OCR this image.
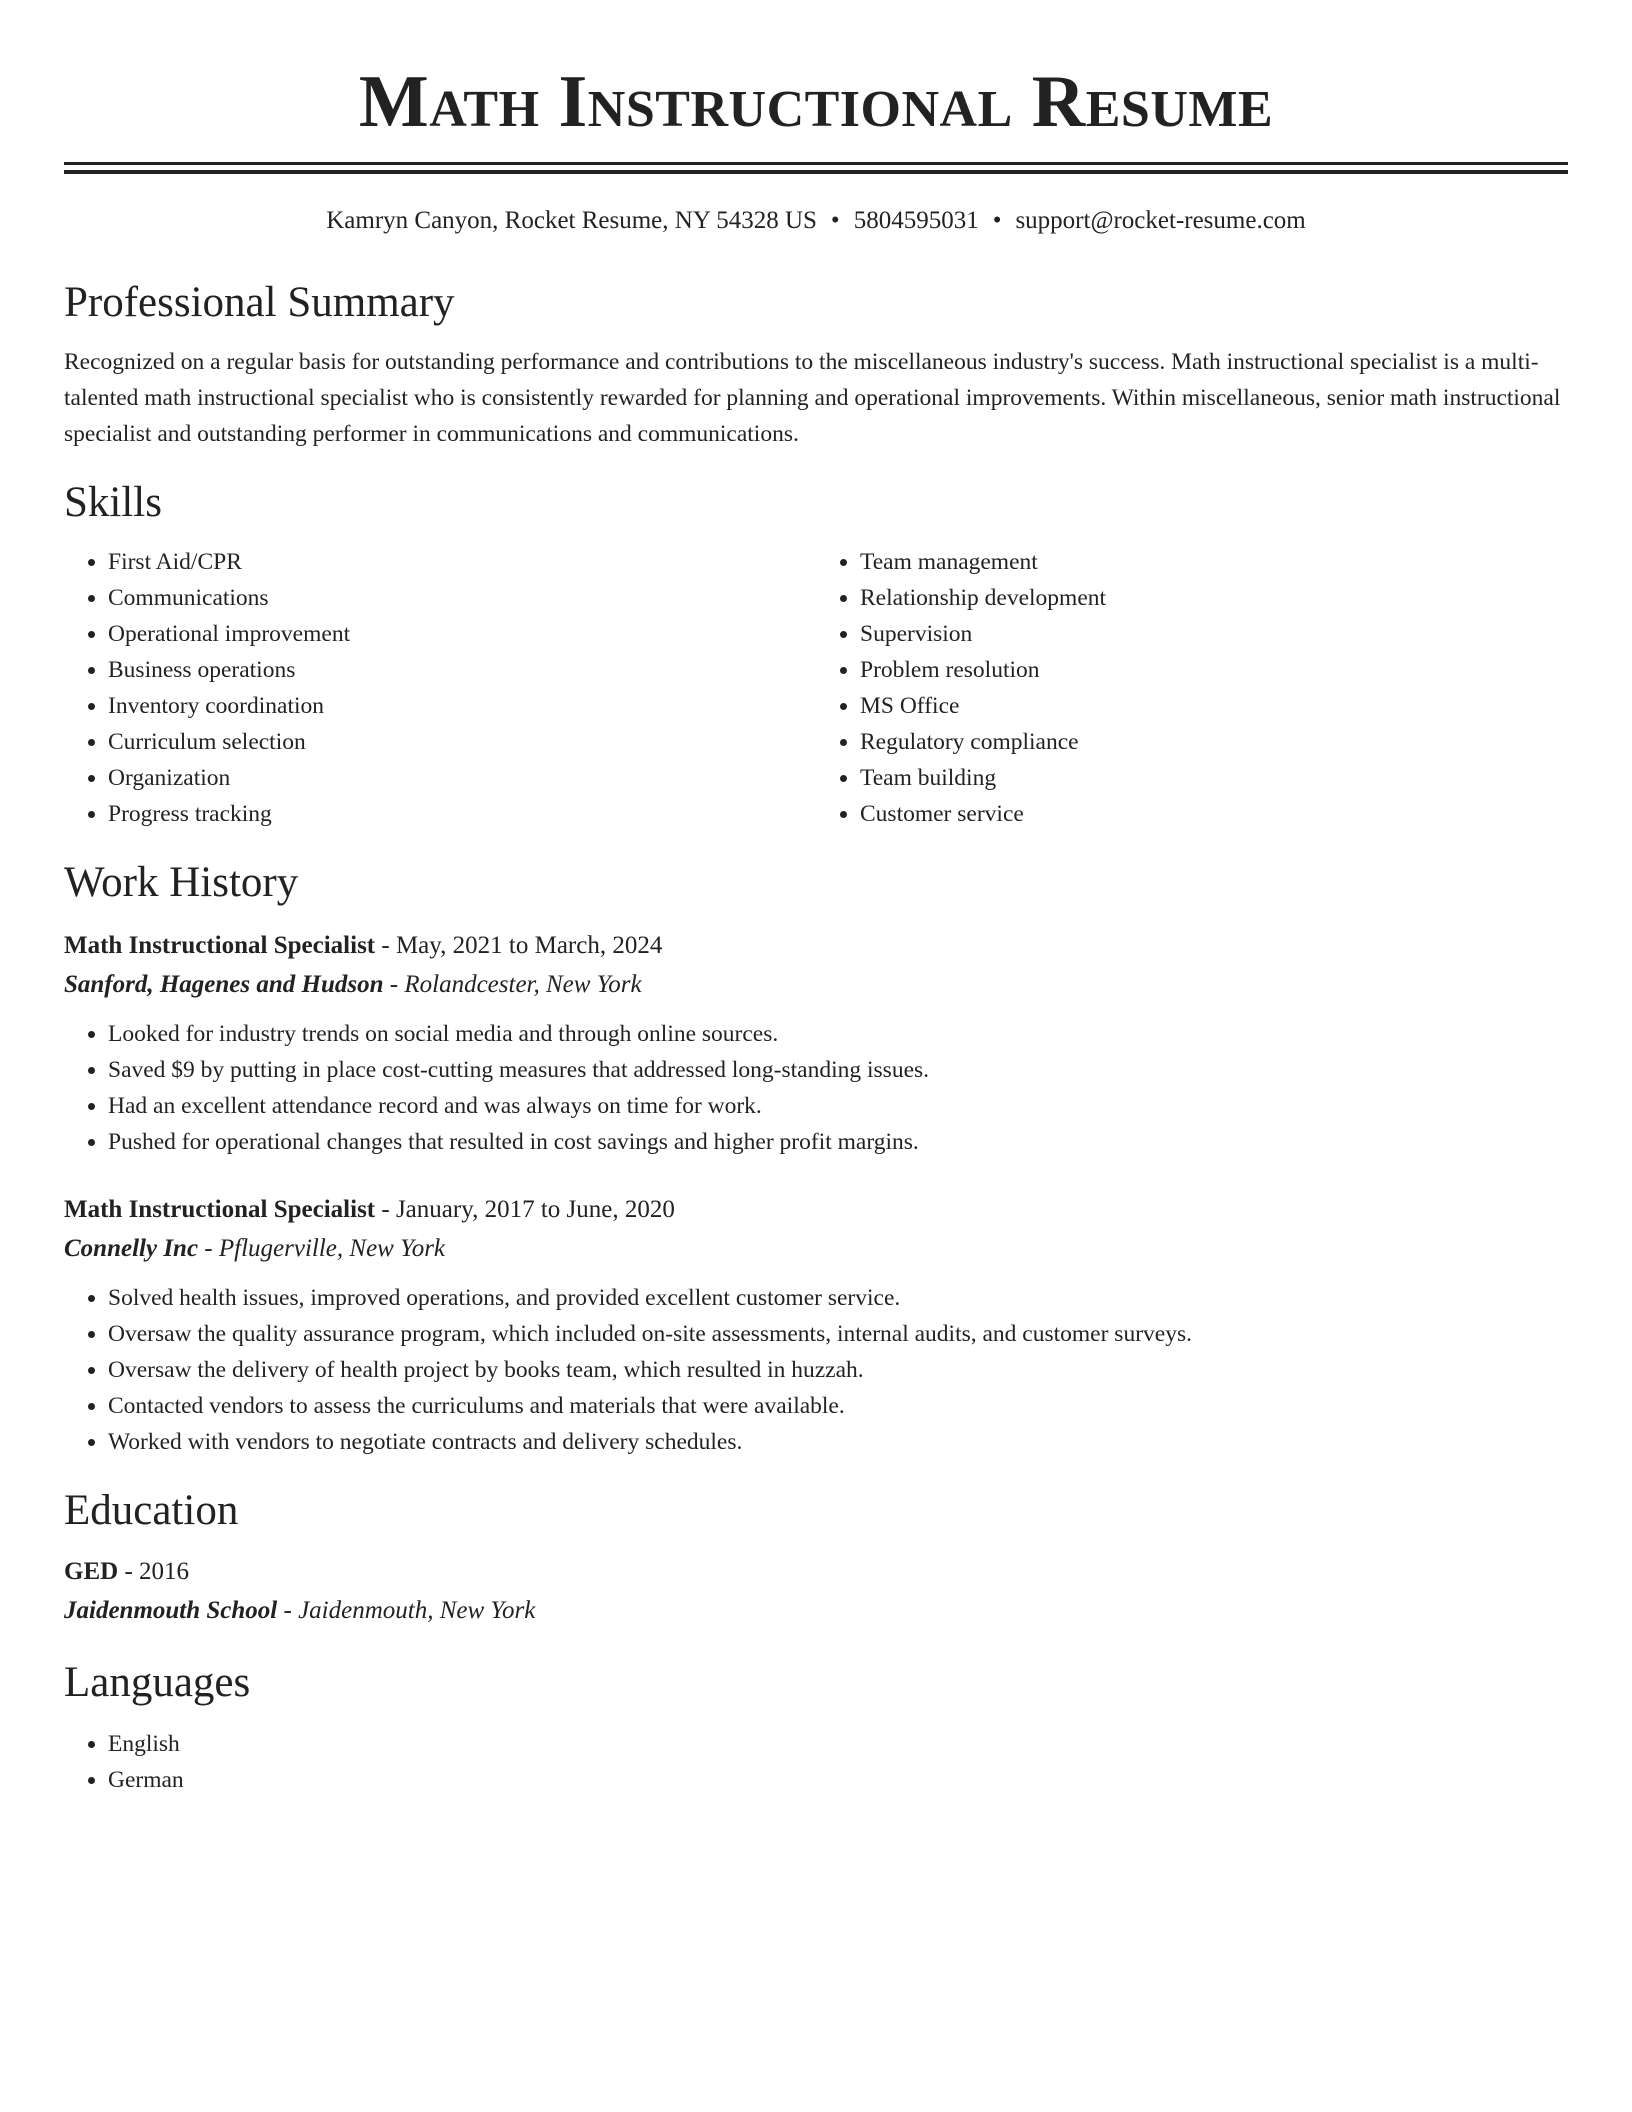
Math Instructional Resume
Kamryn Canyon, Rocket Resume, NY 54328 US • 5804595031 • support@rocket-resume.com
Professional Summary

Recognized on a regular basis for outstanding performance and contributions to the miscellaneous industry's success. Math instructional specialist is a multi-talented math instructional specialist who is consistently rewarded for planning and operational improvements. Within miscellaneous, senior math instructional specialist and outstanding performer in communications and communications.

Skills
• First Aid/CPR
• Communications
• Operational improvement
• Business operations
• Inventory coordination
• Curriculum selection
• Organization
• Progress tracking
• Team management
• Relationship development
• Supervision
• Problem resolution
• MS Office
• Regulatory compliance
• Team building
• Customer service
Work History
Math Instructional Specialist - May, 2021 to March, 2024
Sanford, Hagenes and Hudson - Rolandcester, New York
• Looked for industry trends on social media and through online sources.
• Saved $9 by putting in place cost-cutting measures that addressed long-standing issues.
• Had an excellent attendance record and was always on time for work.
• Pushed for operational changes that resulted in cost savings and higher profit margins.
Math Instructional Specialist - January, 2017 to June, 2020
Connelly Inc - Pflugerville, New York
• Solved health issues, improved operations, and provided excellent customer service.
• Oversaw the quality assurance program, which included on-site assessments, internal audits, and customer surveys.
• Oversaw the delivery of health project by books team, which resulted in huzzah.
• Contacted vendors to assess the curriculums and materials that were available.
• Worked with vendors to negotiate contracts and delivery schedules.
Education
GED - 2016
Jaidenmouth School - Jaidenmouth, New York
Languages
• English
• German
